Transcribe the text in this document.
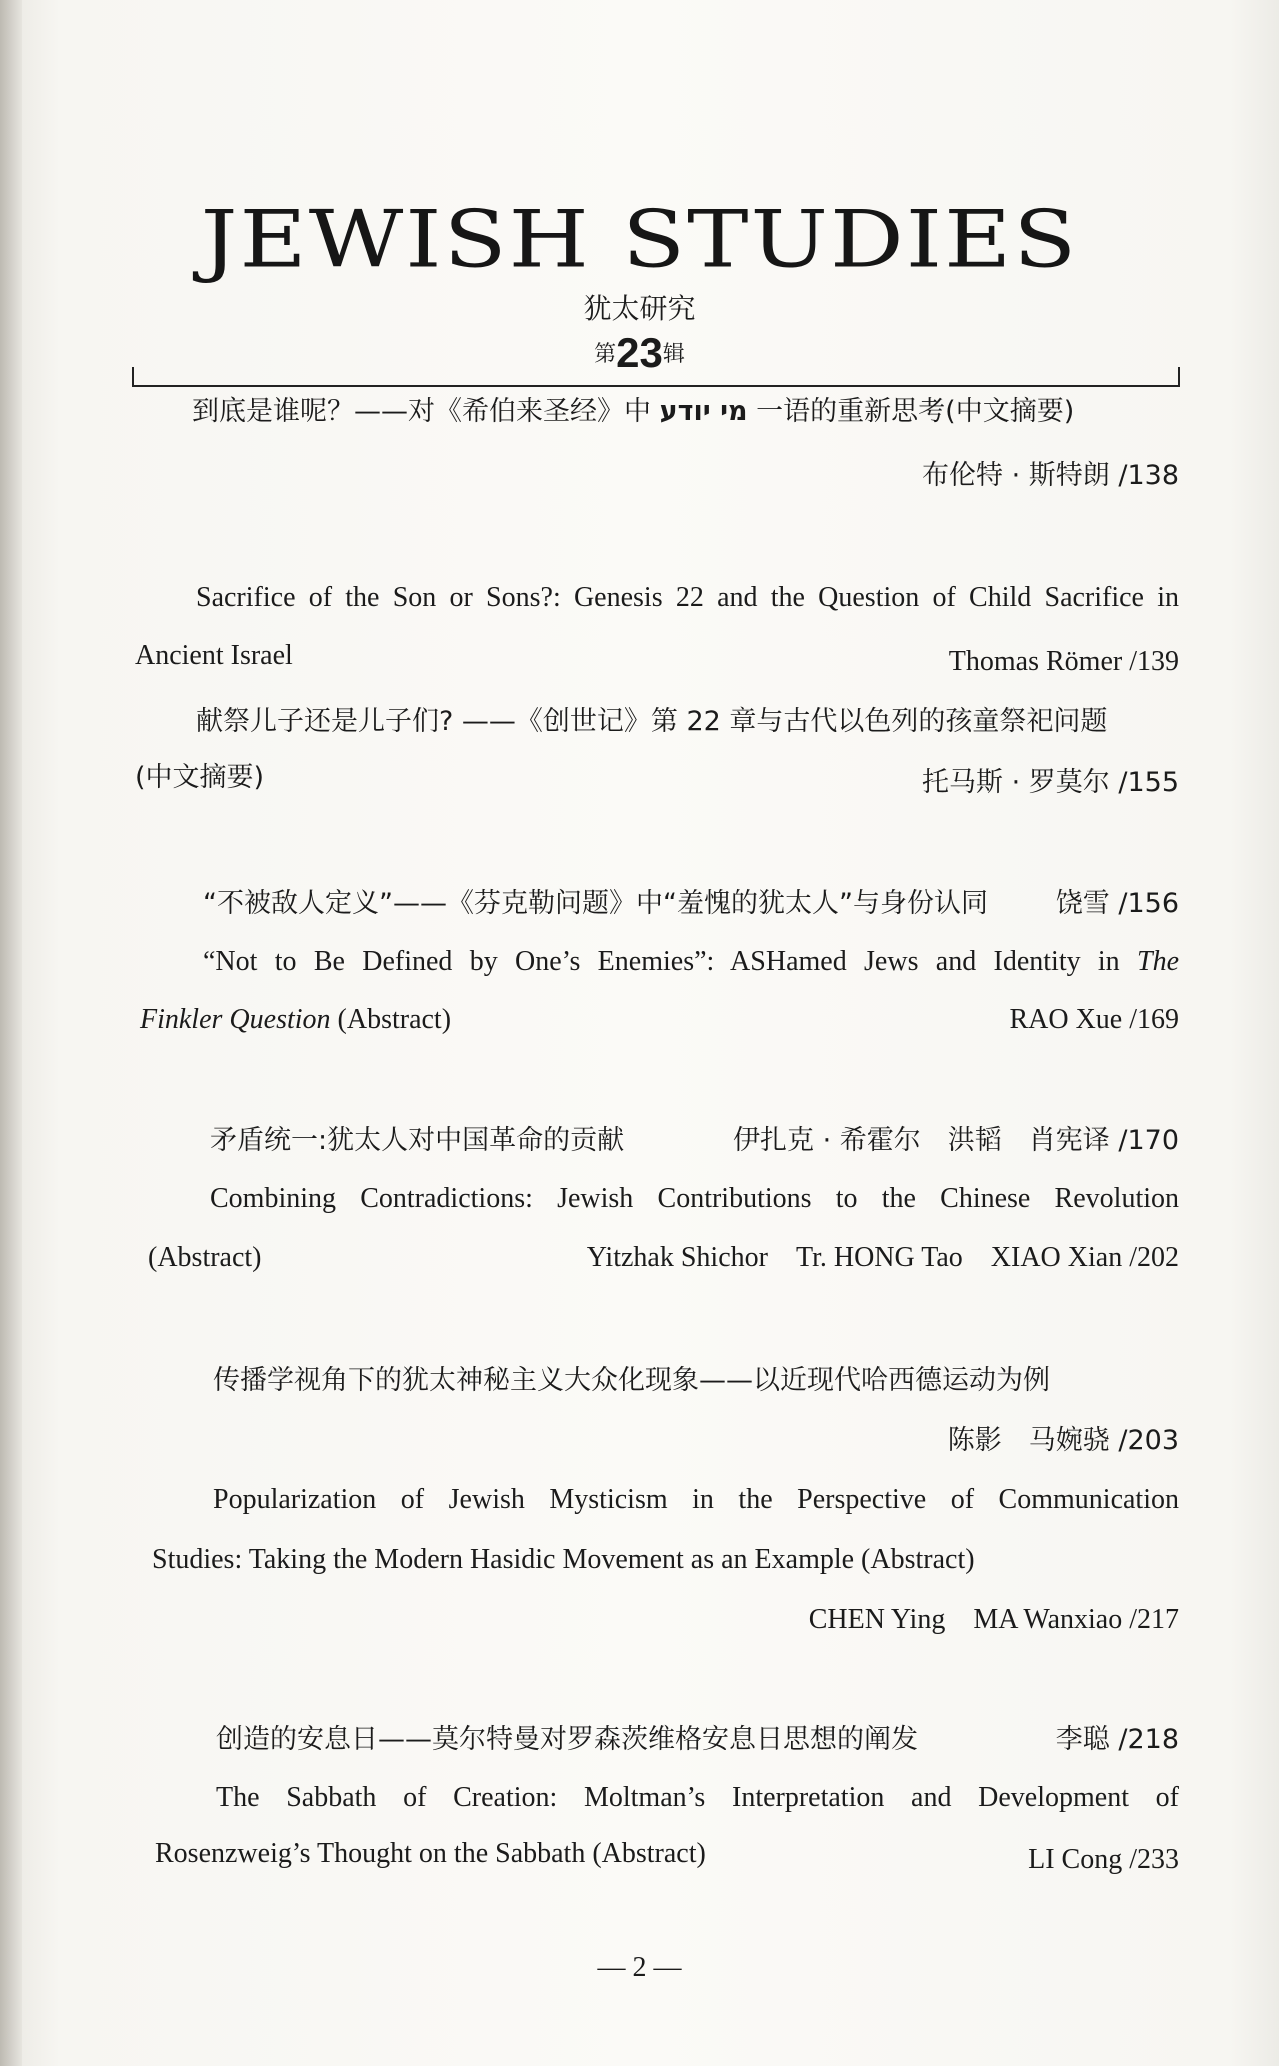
JEWISH STUDIES
犹太研究
第23辑
到底是谁呢？——对《希伯来圣经》中 מי יודע 一语的重新思考(中文摘要)
布伦特 · 斯特朗 /138
Sacrifice of the Son or Sons?: Genesis 22 and the Question of Child Sacrifice in
Ancient Israel	Thomas Römer /139
献祭儿子还是儿子们? ——《创世记》第 22 章与古代以色列的孩童祭祀问题
(中文摘要)	托马斯 · 罗莫尔 /155
“不被敌人定义”——《芬克勒问题》中“羞愧的犹太人”与身份认同	饶雪 /156
“Not to Be Defined by One’s Enemies”: ASHamed Jews and Identity in The
Finkler Question (Abstract)	RAO Xue /169
矛盾统一:犹太人对中国革命的贡献	伊扎克 · 希霍尔　洪韬　肖宪译 /170
Combining Contradictions: Jewish Contributions to the Chinese Revolution
(Abstract)	Yitzhak Shichor　Tr. HONG Tao　XIAO Xian /202
传播学视角下的犹太神秘主义大众化现象——以近现代哈西德运动为例
陈影　马婉骁 /203
Popularization of Jewish Mysticism in the Perspective of Communication
Studies: Taking the Modern Hasidic Movement as an Example (Abstract)
CHEN Ying　MA Wanxiao /217
创造的安息日——莫尔特曼对罗森茨维格安息日思想的阐发	李聪 /218
The Sabbath of Creation: Moltman’s Interpretation and Development of
Rosenzweig’s Thought on the Sabbath (Abstract)	LI Cong /233
— 2 —
